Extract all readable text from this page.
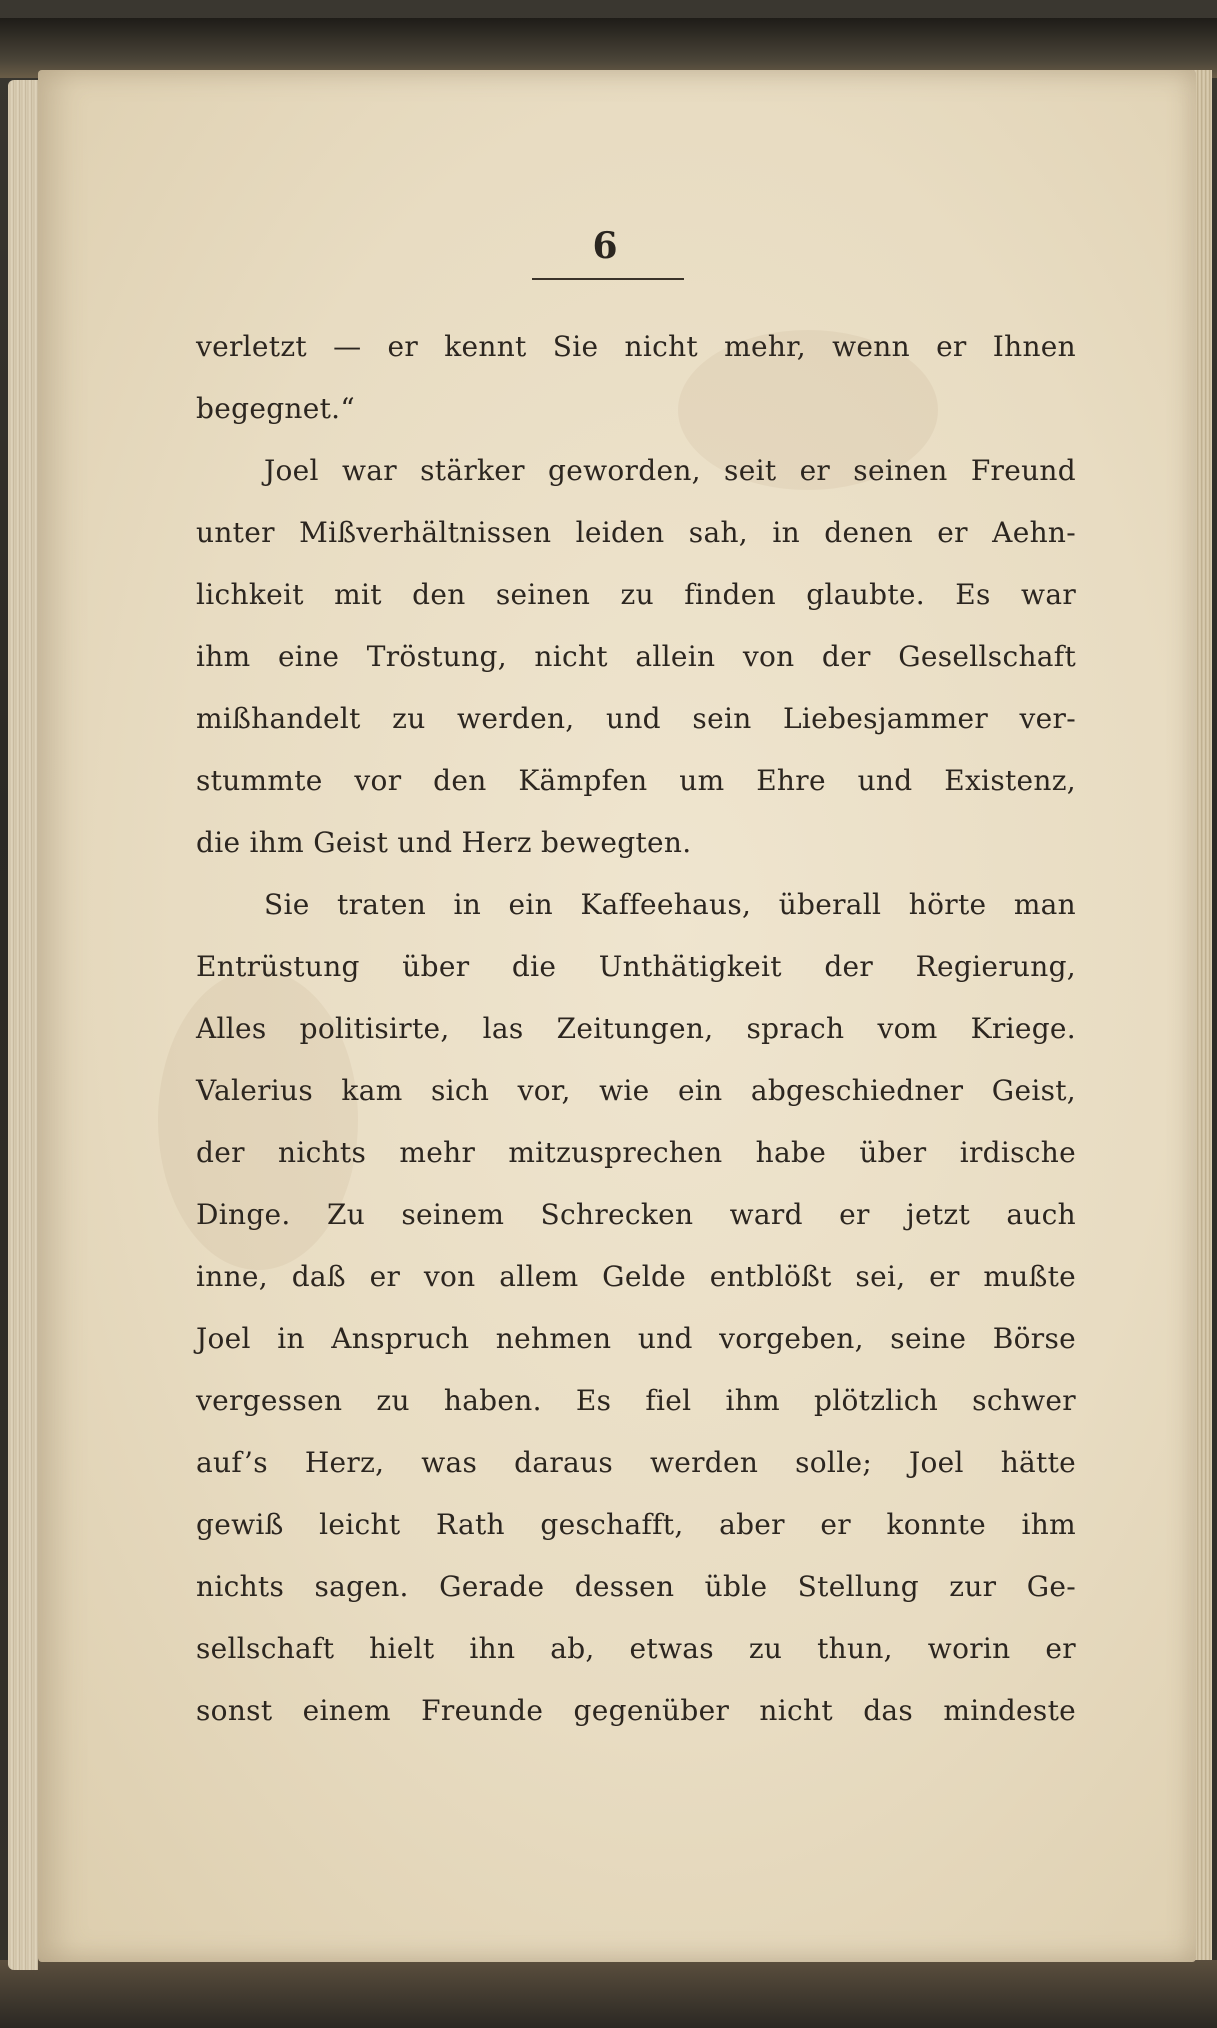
6
verletzt — er kennt Sie nicht mehr, wenn er Ihnen
begegnet.“
Joel war stärker geworden, seit er seinen Freund
unter Mißverhältnissen leiden sah, in denen er Aehn-
lichkeit mit den seinen zu finden glaubte. Es war
ihm eine Tröstung, nicht allein von der Gesellschaft
mißhandelt zu werden, und sein Liebesjammer ver-
stummte vor den Kämpfen um Ehre und Existenz,
die ihm Geist und Herz bewegten.
Sie traten in ein Kaffeehaus, überall hörte man
Entrüstung über die Unthätigkeit der Regierung,
Alles politisirte, las Zeitungen, sprach vom Kriege.
Valerius kam sich vor, wie ein abgeschiedner Geist,
der nichts mehr mitzusprechen habe über irdische
Dinge. Zu seinem Schrecken ward er jetzt auch
inne, daß er von allem Gelde entblößt sei, er mußte
Joel in Anspruch nehmen und vorgeben, seine Börse
vergessen zu haben. Es fiel ihm plötzlich schwer
auf’s Herz, was daraus werden solle; Joel hätte
gewiß leicht Rath geschafft, aber er konnte ihm
nichts sagen. Gerade dessen üble Stellung zur Ge-
sellschaft hielt ihn ab, etwas zu thun, worin er
sonst einem Freunde gegenüber nicht das mindeste
